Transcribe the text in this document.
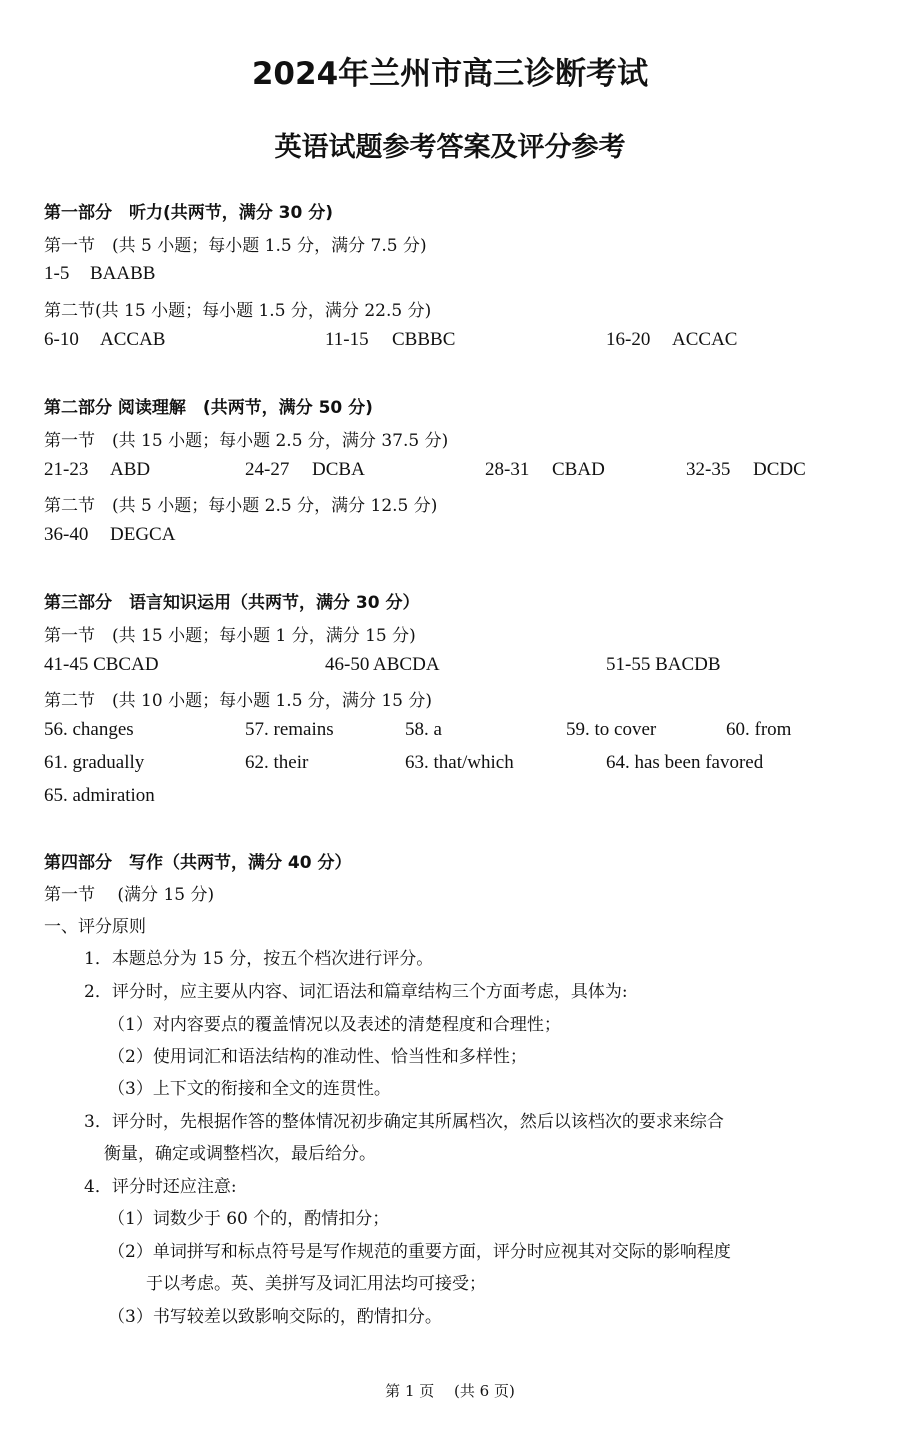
2024年兰州市高三诊断考试
英语试题参考答案及评分参考
第一部分　听力(共两节，满分 30 分)
第一节　(共 5 小题；每小题 1.5 分，满分 7.5 分)
1-5 BAABB
第二节(共 15 小题；每小题 1.5 分，满分 22.5 分)
6-10 ACCAB	11-15 CBBBC	16-20 ACCAC
第二部分 阅读理解　(共两节，满分 50 分)
第一节　(共 15 小题；每小题 2.5 分，满分 37.5 分)
21-23 ABD	24-27 DCBA	28-31 CBAD	32-35 DCDC
第二节　(共 5 小题；每小题 2.5 分，满分 12.5 分)
36-40 DEGCA
第三部分　语言知识运用（共两节，满分 30 分）
第一节　(共 15 小题；每小题 1 分，满分 15 分)
41-45 CBCAD	46-50 ABCDA	51-55 BACDB
第二节　(共 10 小题；每小题 1.5 分，满分 15 分)
56. changes	57. remains	58. a	59. to cover	60. from
61. gradually	62. their	63. that/which	64. has been favored
65. admiration
第四部分　写作（共两节，满分 40 分）
第一节　 (满分 15 分)
一、评分原则
1．本题总分为 15 分，按五个档次进行评分。
2．评分时，应主要从内容、词汇语法和篇章结构三个方面考虑，具体为:
（1）对内容要点的覆盖情况以及表述的清楚程度和合理性；
（2）使用词汇和语法结构的准动性、恰当性和多样性；
（3）上下文的衔接和全文的连贯性。
3．评分时，先根据作答的整体情况初步确定其所属档次，然后以该档次的要求来综合
衡量，确定或调整档次，最后给分。
4．评分时还应注意:
（1）词数少于 60 个的，酌情扣分；
（2）单词拼写和标点符号是写作规范的重要方面，评分时应视其对交际的影响程度
于以考虑。英、美拼写及词汇用法均可接受；
（3）书写较差以致影响交际的，酌情扣分。
第 1 页　 (共 6 页)
